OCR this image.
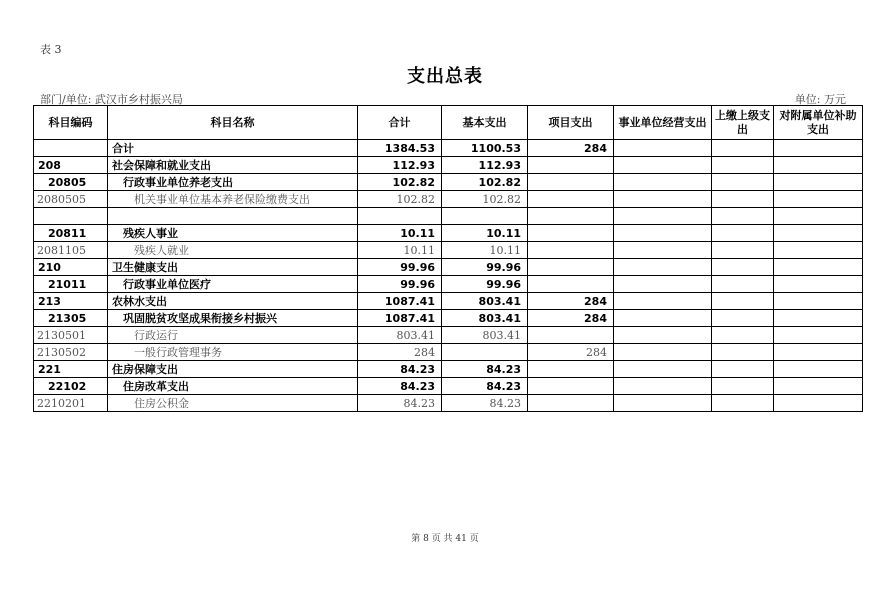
表 3
支出总表
部门/单位: 武汉市乡村振兴局	单位: 万元
科目编码	科目名称	合计	基本支出	项目支出	事业单位经营支出	上缴上级支出	对附属单位补助支出
	合计	1384.53	1100.53	284			
208	社会保障和就业支出	112.93	112.93				
20805	行政事业单位养老支出	102.82	102.82				
2080505	机关事业单位基本养老保险缴费支出	102.82	102.82				

20811	残疾人事业	10.11	10.11				
2081105	残疾人就业	10.11	10.11				
210	卫生健康支出	99.96	99.96				
21011	行政事业单位医疗	99.96	99.96				
213	农林水支出	1087.41	803.41	284			
21305	巩固脱贫攻坚成果衔接乡村振兴	1087.41	803.41	284			
2130501	行政运行	803.41	803.41				
2130502	一般行政管理事务	284		284			
221	住房保障支出	84.23	84.23				
22102	住房改革支出	84.23	84.23				
2210201	住房公积金	84.23	84.23				
第 8 页 共 41 页
